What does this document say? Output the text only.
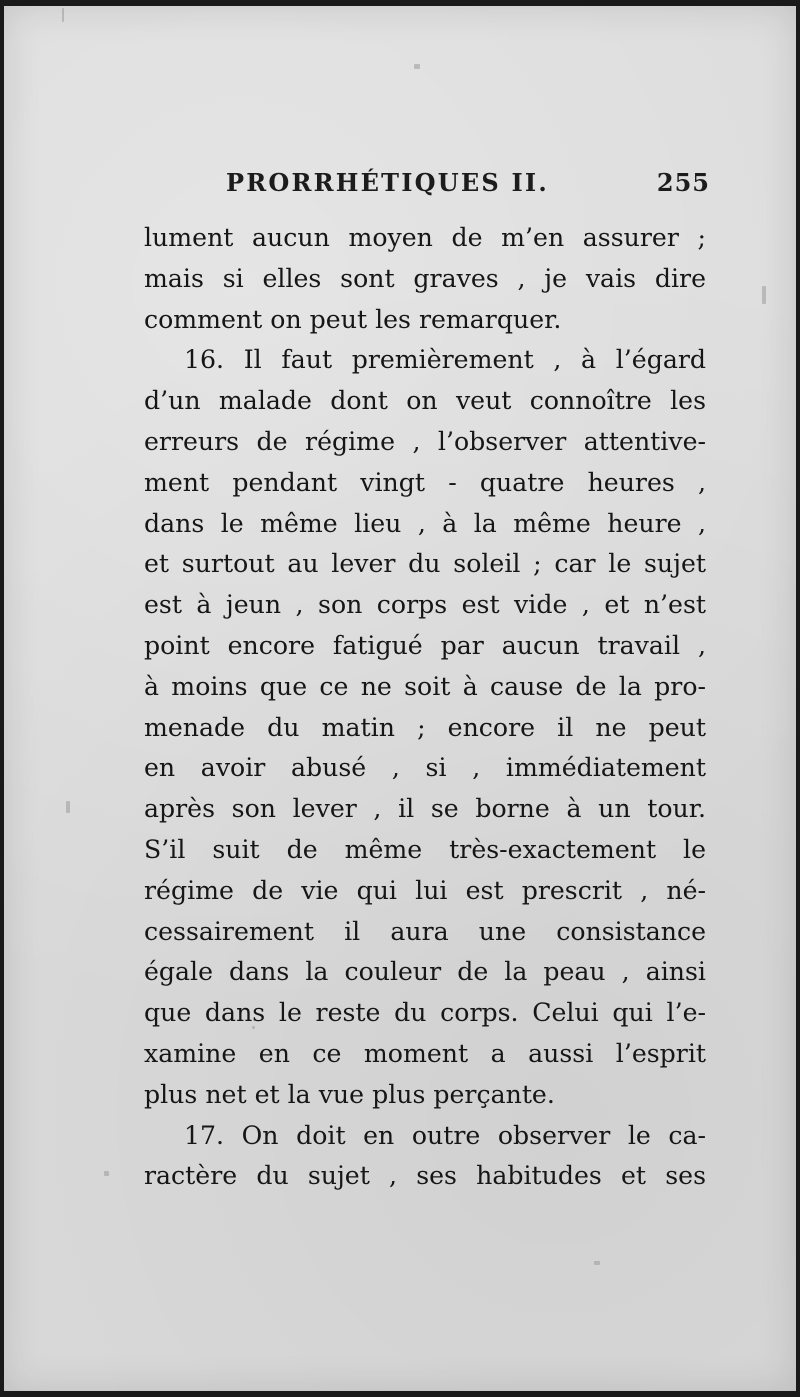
PRORRHÉTIQUES II.	255
lument aucun moyen de m’en assurer ;
mais si elles sont graves , je vais dire
comment on peut les remarquer.
16. Il faut premièrement , à l’égard
d’un malade dont on veut connoître les
erreurs de régime , l’observer attentive-
ment pendant vingt - quatre heures ,
dans le même lieu , à la même heure ,
et surtout au lever du soleil ; car le sujet
est à jeun , son corps est vide , et n’est
point encore fatigué par aucun travail ,
à moins que ce ne soit à cause de la pro-
menade du matin ; encore il ne peut
en avoir abusé , si , immédiatement
après son lever , il se borne à un tour.
S’il suit de même très-exactement le
régime de vie qui lui est prescrit , né-
cessairement il aura une consistance
égale dans la couleur de la peau , ainsi
que dans le reste du corps. Celui qui l’e-
xamine en ce moment a aussi l’esprit
plus net et la vue plus perçante.
17. On doit en outre observer le ca-
ractère du sujet , ses habitudes et ses
